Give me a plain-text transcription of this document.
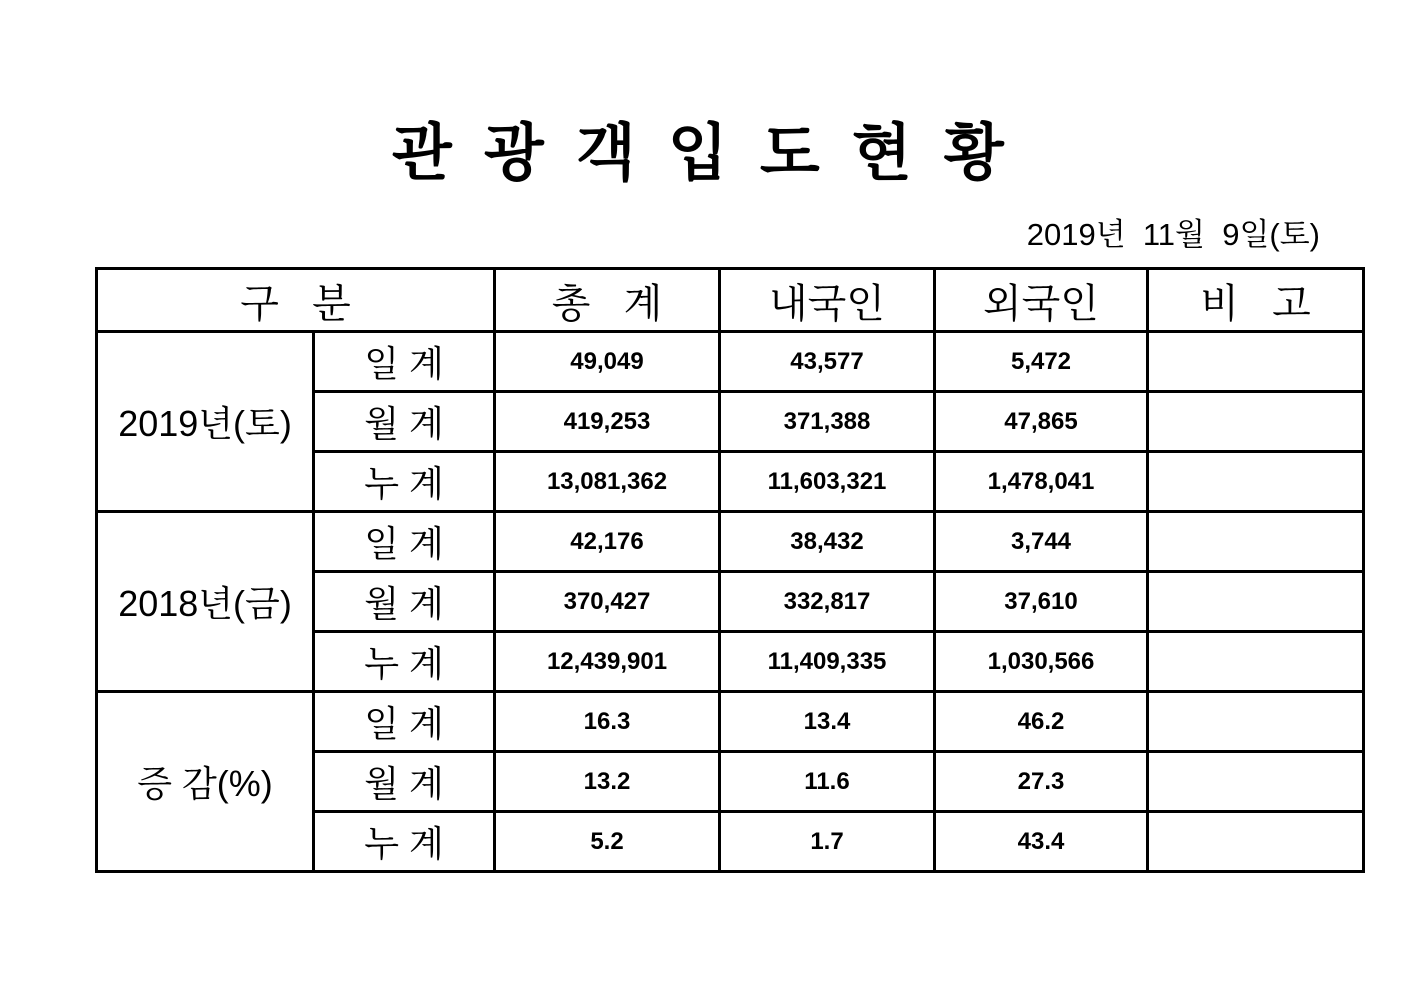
관 광 객 입 도 현 황
2019년  11월  9일(토)
구   분		총   계	내국인	외국인	비   고
2019년(토)	일 계	49,049	43,577	5,472	
	월 계	419,253	371,388	47,865	
	누 계	13,081,362	11,603,321	1,478,041	
2018년(금)	일 계	42,176	38,432	3,744	
	월 계	370,427	332,817	37,610	
	누 계	12,439,901	11,409,335	1,030,566	
증 감(%)	일 계	16.3	13.4	46.2	
	월 계	13.2	11.6	27.3	
	누 계	5.2	1.7	43.4	
